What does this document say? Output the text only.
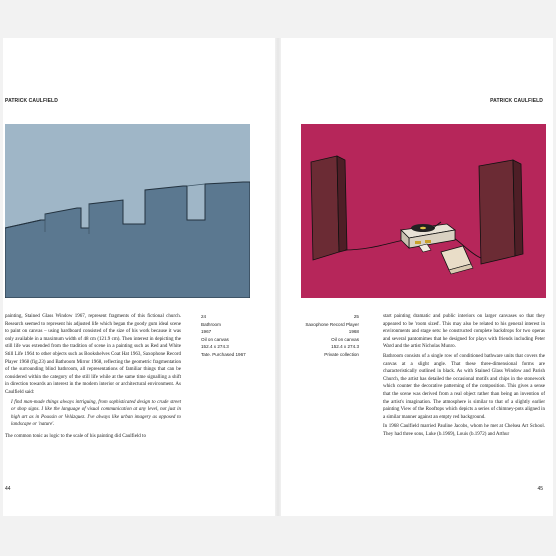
PATRICK CAULFIELD

painting, Stained Glass Window 1967, represent fragments of this fictional church. Research seemed to represent his adjusted life which began the goody gum ideal scene to paint on canvas – using hardboard consisted of the size of his work because it was only available in a maximum width of 48 cm (121.9 cm). Then interest in depicting the still life was extended from the tradition of scene in a painting such as Red and White Still Life 1964 to other objects such as Bookshelves Coat Hat 1963, Saxophone Record Player 1968 (fig.23) and Bathroom Mirror 1968, reflecting the geometric fragmentation of the surrounding blind bathroom, all representations of familiar things that can be considered within the category of the still life while at the same time signalling a shift in direction towards an interest in the modern interior or architectural environment. As Caulfield said:

I find man-made things always intriguing, from sophisticated design to crude street or shop signs. I like the language of visual communication at any level, not just in high art as in Poussin or Velázquez. I've always like urban imagery as opposed to landscape or 'nature'.

The common tonic as logic to the scale of his painting did Caulfield to

24
Bathroom
1967
Oil on canvas
152.4 x 274.3
Tate. Purchased 1967
44
PATRICK CAULFIELD
25
Saxophone Record Player
1968
Oil on canvas
152.4 x 274.3
Private collection

start painting dramatic and public interiors on larger canvases so that they appeared to be 'room sized'. This may also be related to his general interest in environments and stage sets: he constructed complete backdrops for two operas and several pantomimes that he designed for plays with friends including Peter Ward and the artist Nicholas Munro.

Bathroom consists of a single row of conditioned bathware units that covers the canvas at a slight angle. That these three-dimensional forms are characteristically outlined in black. As with Stained Glass Window and Parish Church, the artist has detailed the occasional motifs and chips in the stonework which counter the decorative patterning of the composition. This gives a sense that the scene was derived from a real object rather than being an invention of the artist's imagination. The atmosphere is similar to that of a slightly earlier painting View of the Rooftops which depicts a series of chimney-pots aligned in a similar manner against an empty red background.

In 1968 Caulfield married Pauline Jacobs, whom he met at Chelsea Art School. They had three sons, Luke (b.1969), Louis (b.1972) and Arthur

45
